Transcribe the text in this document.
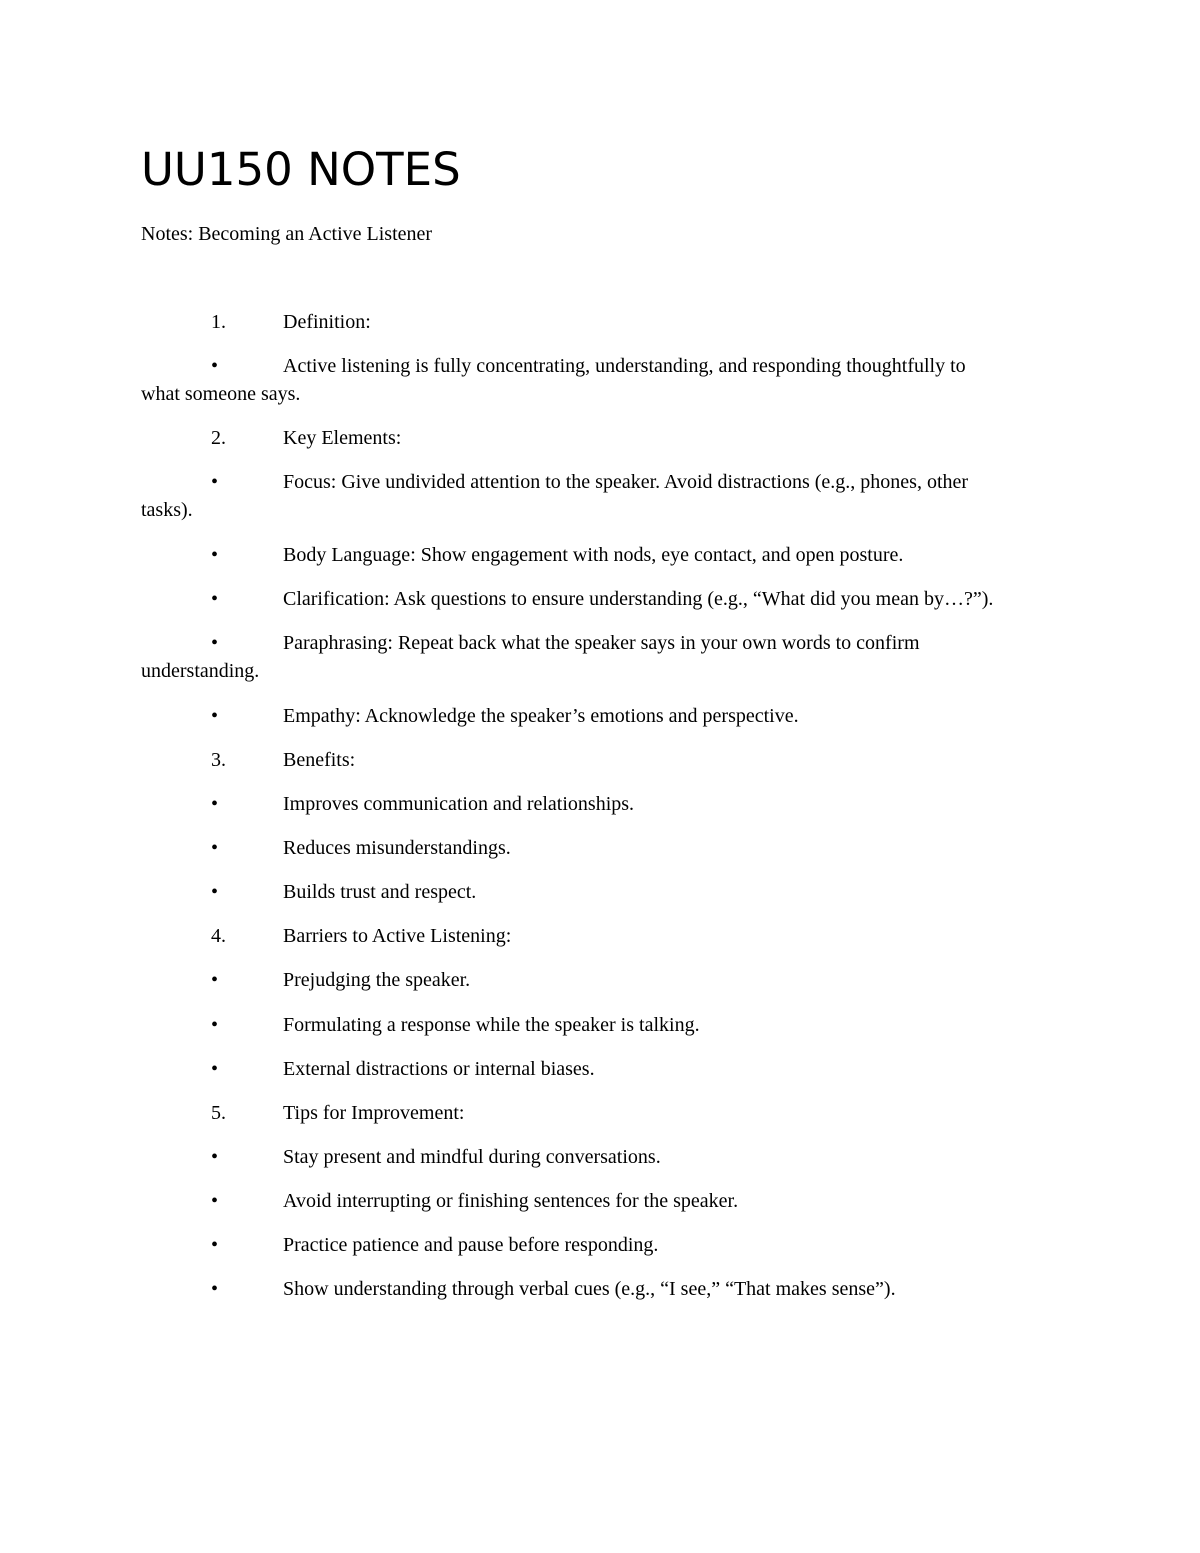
UU150 NOTES
Notes: Becoming an Active Listener
1.	Definition:
•	Active listening is fully concentrating, understanding, and responding thoughtfully to
what someone says.
2.	Key Elements:
•	Focus: Give undivided attention to the speaker. Avoid distractions (e.g., phones, other
tasks).
•	Body Language: Show engagement with nods, eye contact, and open posture.
•	Clarification: Ask questions to ensure understanding (e.g., “What did you mean by…?”).
•	Paraphrasing: Repeat back what the speaker says in your own words to confirm
understanding.
•	Empathy: Acknowledge the speaker’s emotions and perspective.
3.	Benefits:
•	Improves communication and relationships.
•	Reduces misunderstandings.
•	Builds trust and respect.
4.	Barriers to Active Listening:
•	Prejudging the speaker.
•	Formulating a response while the speaker is talking.
•	External distractions or internal biases.
5.	Tips for Improvement:
•	Stay present and mindful during conversations.
•	Avoid interrupting or finishing sentences for the speaker.
•	Practice patience and pause before responding.
•	Show understanding through verbal cues (e.g., “I see,” “That makes sense”).
